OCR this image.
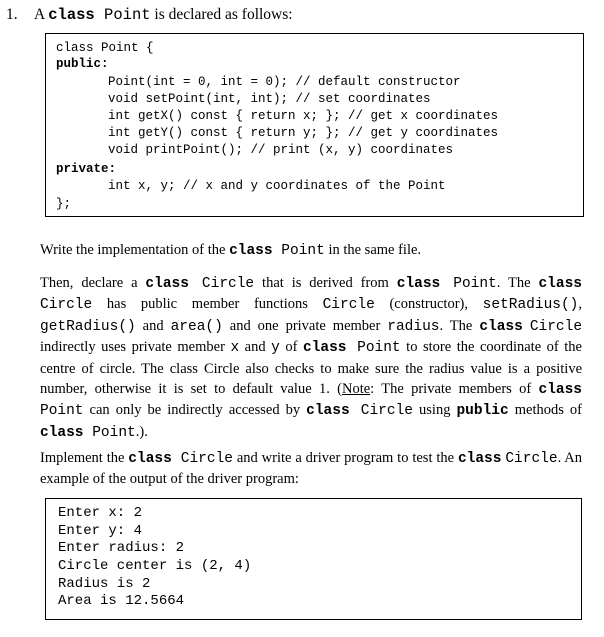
1. A class Point is declared as follows:
class Point {
public:
Point(int = 0, int = 0); // default constructor
void setPoint(int, int); // set coordinates
int getX() const { return x; }; // get x coordinates
int getY() const { return y; }; // get y coordinates
void printPoint(); // print (x, y) coordinates
private:
int x, y; // x and y coordinates of the Point
};
Write the implementation of the class Point in the same file.
Then, declare a class Circle that is derived from class Point. The class Circle has public member functions Circle (constructor), setRadius(), getRadius() and area() and one private member radius. The class Circle indirectly uses private member x and y of class Point to store the coordinate of the centre of circle. The class Circle also checks to make sure the radius value is a positive number, otherwise it is set to default value 1. (Note: The private members of class Point can only be indirectly accessed by class Circle using public methods of class Point.).
Implement the class Circle and write a driver program to test the class Circle. An example of the output of the driver program:
Enter x: 2
Enter y: 4
Enter radius: 2
Circle center is (2, 4)
Radius is 2
Area is 12.5664
